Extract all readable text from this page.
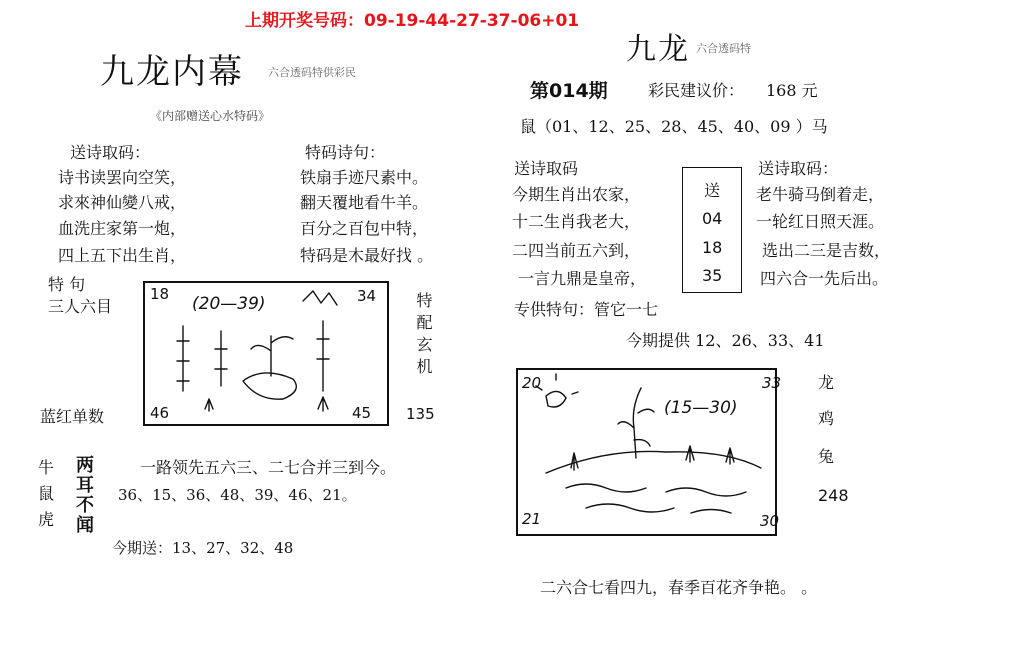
上期开奖号码：09-19-44-27-37-06+01
九龙内幕 六合透码特供彩民
《内部赠送心水特码》
送诗取码：
诗书读罢向空笑，
求來神仙變八戒，
血洗庄家第一炮，
四上五下出生肖，
特码诗句：
铁扇手迹尺素中。
翻天覆地看牛羊。
百分之百包中特，
特码是木最好找 。
特 句
三人六目
18	34
46	45
(20—39)	特配玄机
蓝红单数	135
牛
鼠
虎 两耳不闻	一路领先五六三、二七合并三到今。
36、15、36、48、39、46、21。
今期送：13、27、32、48
九龙 六合透码特
第014期	彩民建议价： 168 元
鼠（01、12、25、28、45、40、09 ）马
送诗取码
今期生肖出农家，
十二生肖我老大，
二四当前五六到，
一言九鼎是皇帝，
送
04
18
35
送诗取码：
老牛骑马倒着走，
一轮红日照天涯。
选出二三是吉数，
四六合一先后出。
专供特句：管它一七
今期提供 12、26、33、41
20	33
21	30
(15—30)
龙
鸡
兔
248
二六合七看四九，春季百花齐争艳。 。
